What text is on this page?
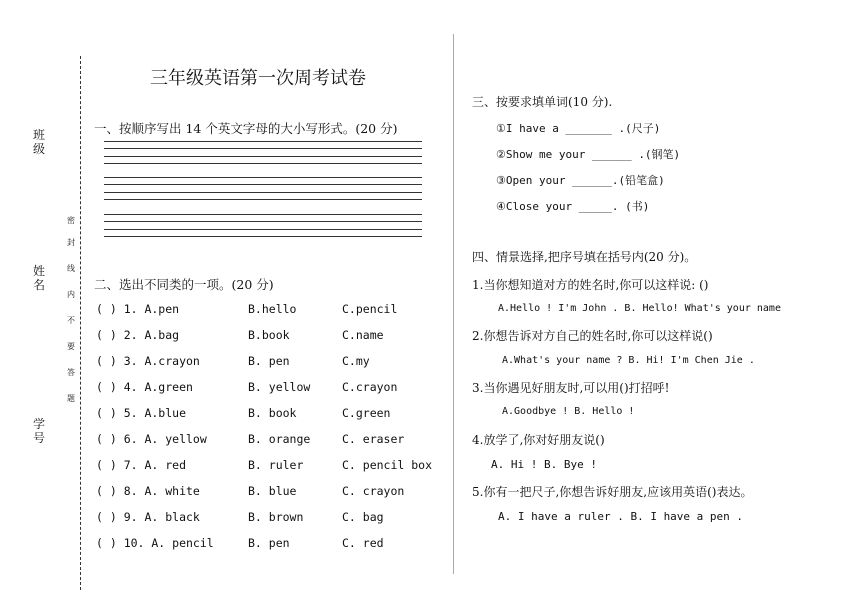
班级
姓名
学号
密
封
线
内
不
要
答
题
三年级英语第一次周考试卷
一、按顺序写出 14 个英文字母的大小写形式。(20 分)
二、选出不同类的一项。(20 分)
( ) 1. A.pen	B.hello	C.pencil
( ) 2. A.bag	B.book	C.name
( ) 3. A.crayon	B. pen	C.my
( ) 4. A.green	B. yellow	C.crayon
( ) 5. A.blue	B. book	C.green
( ) 6. A. yellow	B. orange	C. eraser
( ) 7. A. red	B. ruler	C. pencil box
( ) 8. A. white	B. blue	C. crayon
( ) 9. A. black	B. brown	C. bag
( ) 10. A. pencil	B. pen	C. red
三、按要求填单词(10 分).
①I have a _______ .(尺子)
②Show me your ______ .(钢笔)
③Open your ______.(铅笔盒)
④Close your _____. (书)
四、情景选择,把序号填在括号内(20 分)。
1.当你想知道对方的姓名时,你可以这样说: ()
A.Hello ! I'm John . B. Hello! What's your name
2.你想告诉对方自己的姓名时,你可以这样说()
A.What's your name ? B. Hi! I'm Chen Jie .
3.当你遇见好朋友时,可以用()打招呼!
A.Goodbye ! B. Hello !
4.放学了,你对好朋友说()
A. Hi ! B. Bye !
5.你有一把尺子,你想告诉好朋友,应该用英语()表达。
A. I have a ruler . B. I have a pen .
